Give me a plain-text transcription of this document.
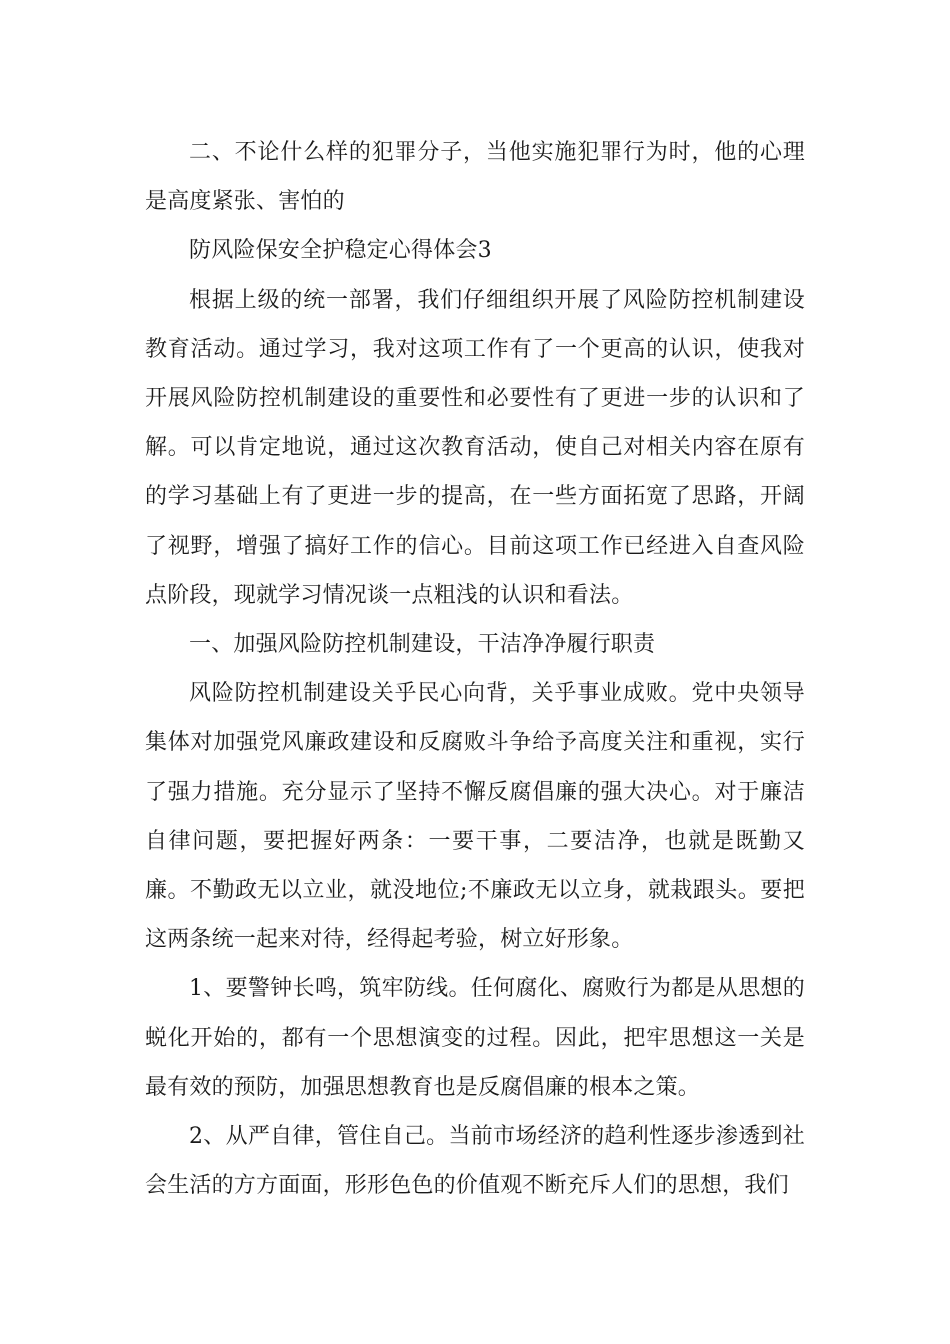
二、不论什么样的犯罪分子，当他实施犯罪行为时，他的心理是高度紧张、害怕的

防风险保安全护稳定心得体会3

根据上级的统一部署，我们仔细组织开展了风险防控机制建设教育活动。通过学习，我对这项工作有了一个更高的认识，使我对开展风险防控机制建设的重要性和必要性有了更进一步的认识和了解。可以肯定地说，通过这次教育活动，使自己对相关内容在原有的学习基础上有了更进一步的提高，在一些方面拓宽了思路，开阔了视野，增强了搞好工作的信心。目前这项工作已经进入自查风险点阶段，现就学习情况谈一点粗浅的认识和看法。

一、加强风险防控机制建设，干洁净净履行职责

风险防控机制建设关乎民心向背，关乎事业成败。党中央领导集体对加强党风廉政建设和反腐败斗争给予高度关注和重视，实行了强力措施。充分显示了坚持不懈反腐倡廉的强大决心。对于廉洁自律问题，要把握好两条：一要干事，二要洁净，也就是既勤又廉。不勤政无以立业，就没地位;不廉政无以立身，就栽跟头。要把这两条统一起来对待，经得起考验，树立好形象。

1、要警钟长鸣，筑牢防线。任何腐化、腐败行为都是从思想的蜕化开始的，都有一个思想演变的过程。因此，把牢思想这一关是最有效的预防，加强思想教育也是反腐倡廉的根本之策。

2、从严自律，管住自己。当前市场经济的趋利性逐步渗透到社会生活的方方面面，形形色色的价值观不断充斥人们的思想，我们
